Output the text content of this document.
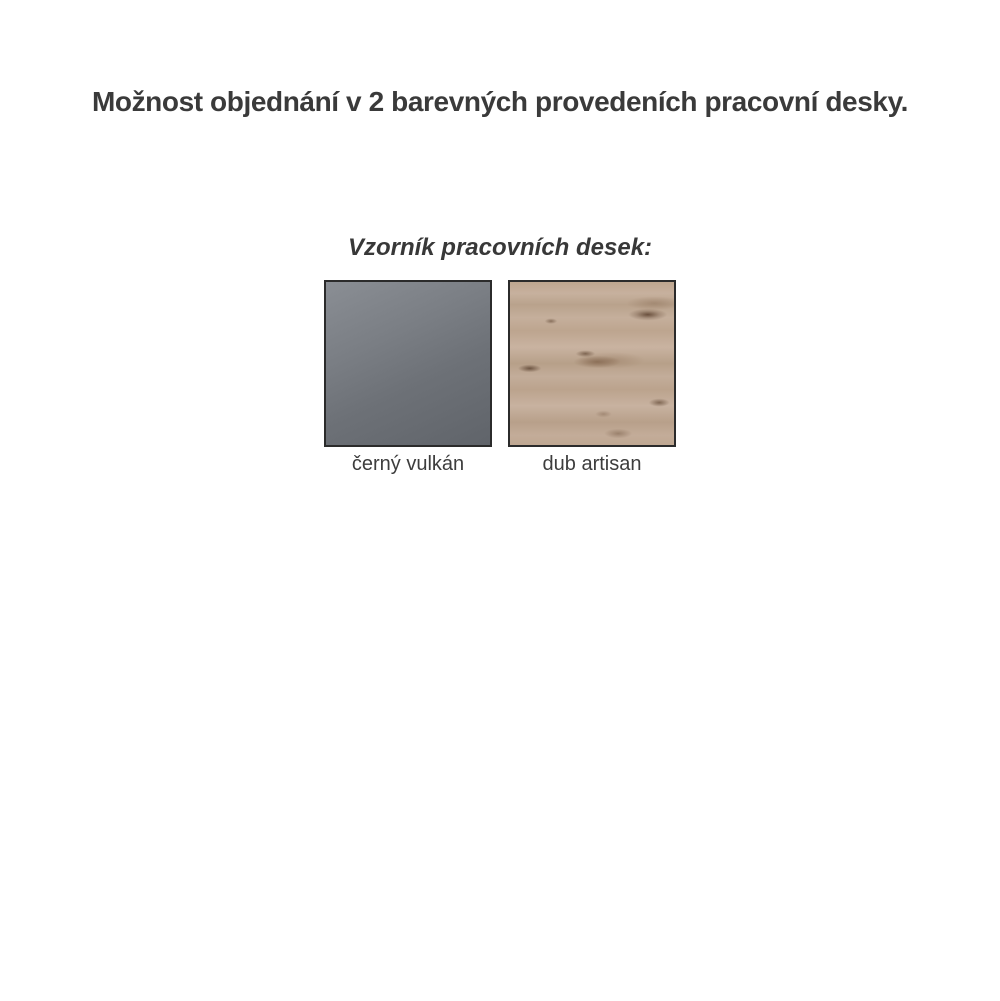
Možnost objednání v 2 barevných provedeních pracovní desky.
Vzorník pracovních desek:
černý vulkán	dub artisan
